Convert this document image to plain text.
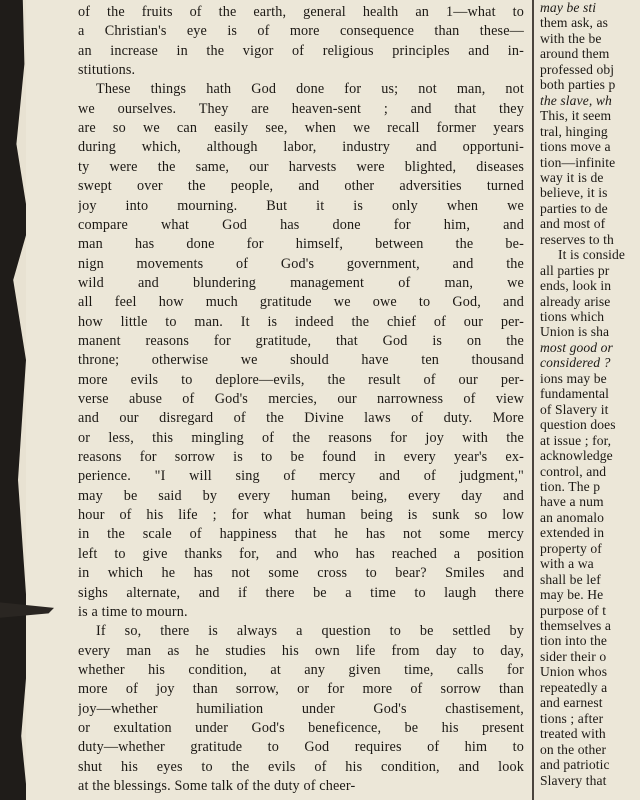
of the fruits of the earth, general health an 1—what to
a Christian's eye is of more consequence than these—
an increase in the vigor of religious principles and in-
stitutions.
These things hath God done for us; not man, not
we ourselves. They are heaven-sent ; and that they
are so we can easily see, when we recall former years
during which, although labor, industry and opportuni-
ty were the same, our harvests were blighted, diseases
swept over the people, and other adversities turned
joy into mourning. But it is only when we
compare what God has done for him, and
man has done for himself, between the be-
nign movements of God's government, and the
wild and blundering management of man, we
all feel how much gratitude we owe to God, and
how little to man. It is indeed the chief of our per-
manent reasons for gratitude, that God is on the
throne; otherwise we should have ten thousand
more evils to deplore—evils, the result of our per-
verse abuse of God's mercies, our narrowness of view
and our disregard of the Divine laws of duty. More
or less, this mingling of the reasons for joy with the
reasons for sorrow is to be found in every year's ex-
perience. "I will sing of mercy and of judgment,"
may be said by every human being, every day and
hour of his life ; for what human being is sunk so low
in the scale of happiness that he has not some mercy
left to give thanks for, and who has reached a position
in which he has not some cross to bear? Smiles and
sighs alternate, and if there be a time to laugh there
is a time to mourn.
If so, there is always a question to be settled by
every man as he studies his own life from day to day,
whether his condition, at any given time, calls for
more of joy than sorrow, or for more of sorrow than
joy—whether humiliation under God's chastisement,
or exultation under God's beneficence, be his present
duty—whether gratitude to God requires of him to
shut his eyes to the evils of his condition, and look
at the blessings. Some talk of the duty of cheer-
may be sti
them ask, as
with the be
around them
professed obj
both parties p
the slave, wh
This, it seem
tral, hinging
tions move a
tion—infinite
way it is de
believe, it is
parties to de
and most of
reserves to th
It is conside
all parties pr
ends, look in
already arise
tions which
Union is sha
most good or
considered ?
ions may be
fundamental
of Slavery it
question does
at issue ; for,
acknowledge
control, and
tion. The p
have a num
an anomalo
extended in
property of
with a wa
shall be lef
may be. He
purpose of t
themselves a
tion into the
sider their o
Union whos
repeatedly a
and earnest
tions ; after
treated with
on the other
and patriotic
Slavery that
